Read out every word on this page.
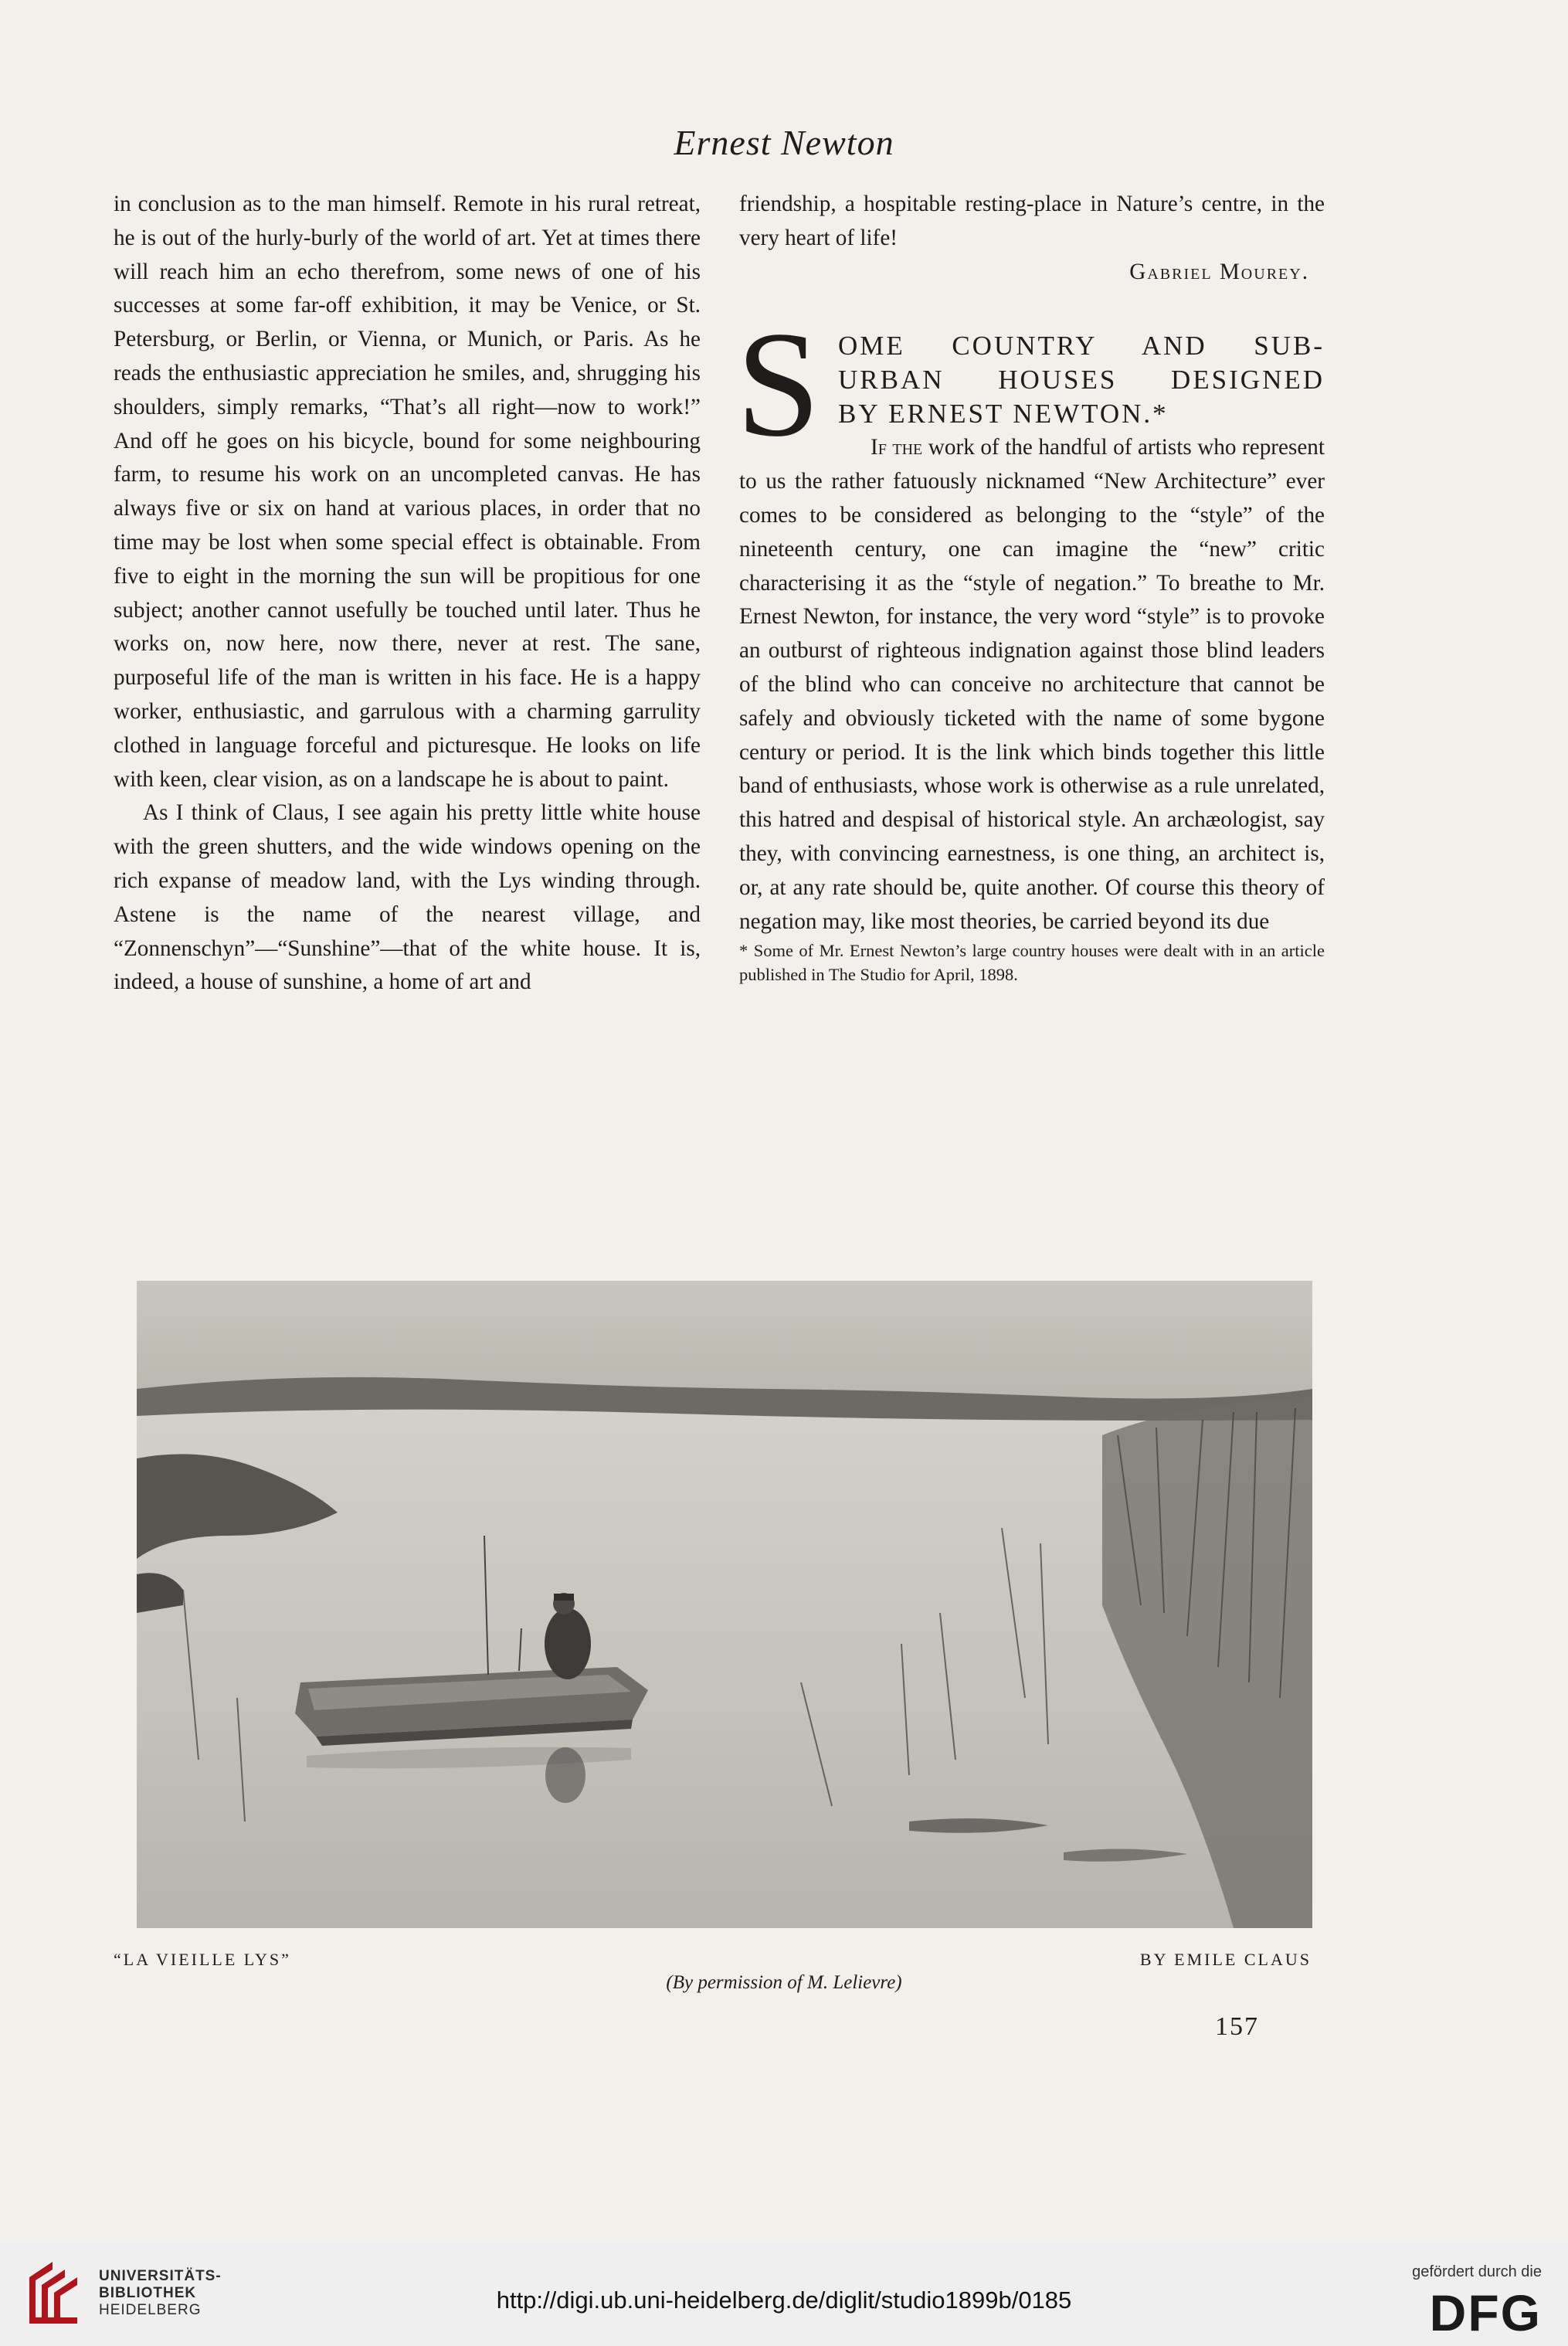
Ernest Newton

in conclusion as to the man himself. Remote in his rural retreat, he is out of the hurly-burly of the world of art. Yet at times there will reach him an echo therefrom, some news of one of his successes at some far-off exhibition, it may be Venice, or St. Petersburg, or Berlin, or Vienna, or Munich, or Paris. As he reads the enthusiastic appreciation he smiles, and, shrugging his shoulders, simply remarks, “That’s all right—now to work!” And off he goes on his bicycle, bound for some neighbouring farm, to resume his work on an uncompleted canvas. He has always five or six on hand at various places, in order that no time may be lost when some special effect is obtainable. From five to eight in the morning the sun will be propitious for one subject; another cannot usefully be touched until later. Thus he works on, now here, now there, never at rest. The sane, purposeful life of the man is written in his face. He is a happy worker, enthusiastic, and garrulous with a charming garrulity clothed in language forceful and picturesque. He looks on life with keen, clear vision, as on a landscape he is about to paint.

As I think of Claus, I see again his pretty little white house with the green shutters, and the wide windows opening on the rich expanse of meadow land, with the Lys winding through. Astene is the name of the nearest village, and “Zonnenschyn”—“Sunshine”—that of the white house. It is, indeed, a house of sunshine, a home of art and

friendship, a hospitable resting-place in Nature’s centre, in the very heart of life!

Gabriel Mourey.

S OME COUNTRY AND SUB-
URBAN HOUSES DESIGNED
BY ERNEST NEWTON.*

If the work of the handful of artists who represent to us the rather fatuously nicknamed “New Architecture” ever comes to be considered as belonging to the “style” of the nineteenth century, one can imagine the “new” critic characterising it as the “style of negation.” To breathe to Mr. Ernest Newton, for instance, the very word “style” is to provoke an outburst of righteous indignation against those blind leaders of the blind who can conceive no architecture that cannot be safely and obviously ticketed with the name of some bygone century or period. It is the link which binds together this little band of enthusiasts, whose work is otherwise as a rule unrelated, this hatred and despisal of historical style. An archæologist, say they, with convincing earnestness, is one thing, an architect is, or, at any rate should be, quite another. Of course this theory of negation may, like most theories, be carried beyond its due

* Some of Mr. Ernest Newton’s large country houses were dealt with in an article published in The Studio for April, 1898.

“LA VIEILLE LYS”	BY EMILE CLAUS
(By permission of M. Lelievre)
157
UNIVERSITÄTS-
BIBLIOTHEK
HEIDELBERG	http://digi.ub.uni-heidelberg.de/diglit/studio1899b/0185
gefördert durch die
DFG
